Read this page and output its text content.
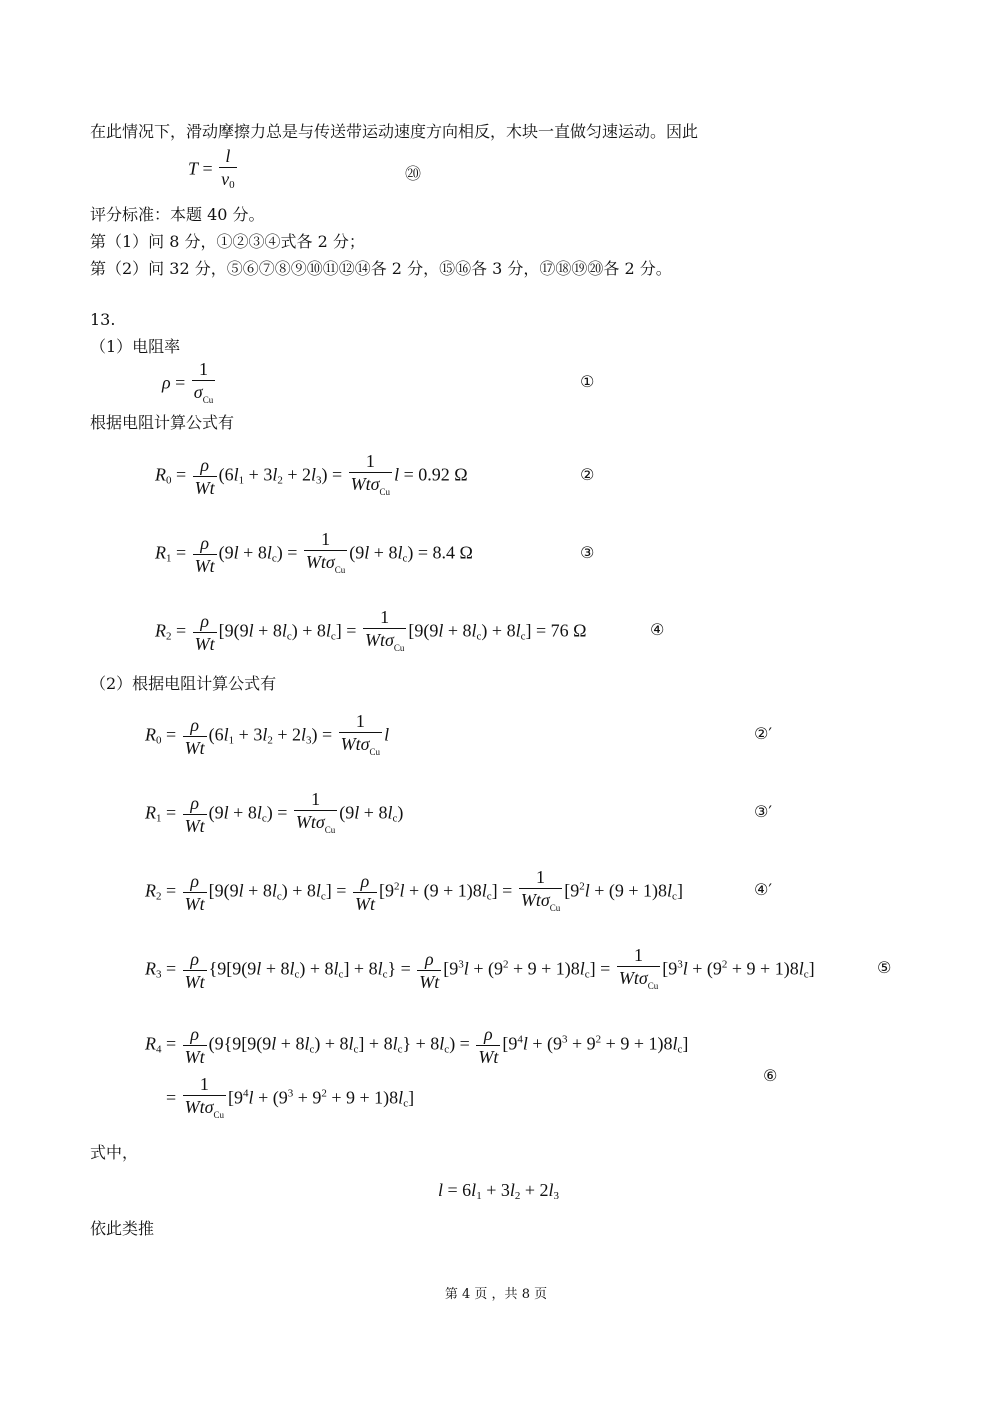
在此情况下，滑动摩擦力总是与传送带运动速度方向相反，木块一直做匀速运动。因此
$T = \frac{l}{v_0}$	⑳
评分标准：本题 40 分。
第（1）问 8 分，①②③④式各 2 分；
第（2）问 32 分，⑤⑥⑦⑧⑨⑩⑪⑫⑭各 2 分，⑮⑯各 3 分，⑰⑱⑲⑳各 2 分。
13.
（1）电阻率
$\rho = \frac{1}{\sigma_{Cu}}$	①
根据电阻计算公式有
$R_0 = \frac{\rho}{Wt} (6l_1 + 3l_2 + 2l_3) = \frac{1}{Wt\sigma_{Cu}}$ l = 0.92 Ω	②
$R_1 = \frac{\rho}{Wt} (9l + 8l_c) = \frac{1}{Wt\sigma_{Cu}} (9l + 8l_c) = 8.4$ Ω	③
$R_2 = \frac{\rho}{Wt} [9(9l + 8l_c) + 8l_c] = \frac{1}{Wt\sigma_{Cu}} [9(9l + 8l_c) + 8l_c] = 76$ Ω	④
（2）根据电阻计算公式有
$R_0 = \frac{\rho}{Wt} (6l_1 + 3l_2 + 2l_3) = \frac{1}{Wt\sigma_{Cu}}$ l	②′
$R_1 = \frac{\rho}{Wt} (9l + 8l_c) = \frac{1}{Wt\sigma_{Cu}} (9l + 8l_c)$	③′
$R_2 = \frac{\rho}{Wt} [9(9l + 8l_c) + 8l_c] = \frac{\rho}{Wt} [9^2l + (9 + 1)8l_c] = \frac{1}{Wt\sigma_{Cu}} [9^2l + (9 + 1)8l_c]$	④′
$R_3 = \frac{\rho}{Wt} \{9[9(9l + 8l_c) + 8l_c] + 8l_c\} = \frac{\rho}{Wt} [9^3l + (9^2 + 9 + 1)8l_c] = \frac{1}{Wt\sigma_{Cu}} [9^3l + (9^2 + 9 + 1)8l_c]$	⑤
$R_4 = \frac{\rho}{Wt} (9\{9[9(9l + 8l_c) + 8l_c] + 8l_c\} + 8l_c) = \frac{\rho}{Wt} [9^4l + (9^3 + 9^2 + 9 + 1)8l_c]$
= $\frac{1}{Wt\sigma_{Cu}} [9^4l + (9^3 + 9^2 + 9 + 1)8l_c]$
⑥
式中，
$l = 6l_1 + 3l_2 + 2l_3$
依此类推
第 4 页 ，共 8 页
